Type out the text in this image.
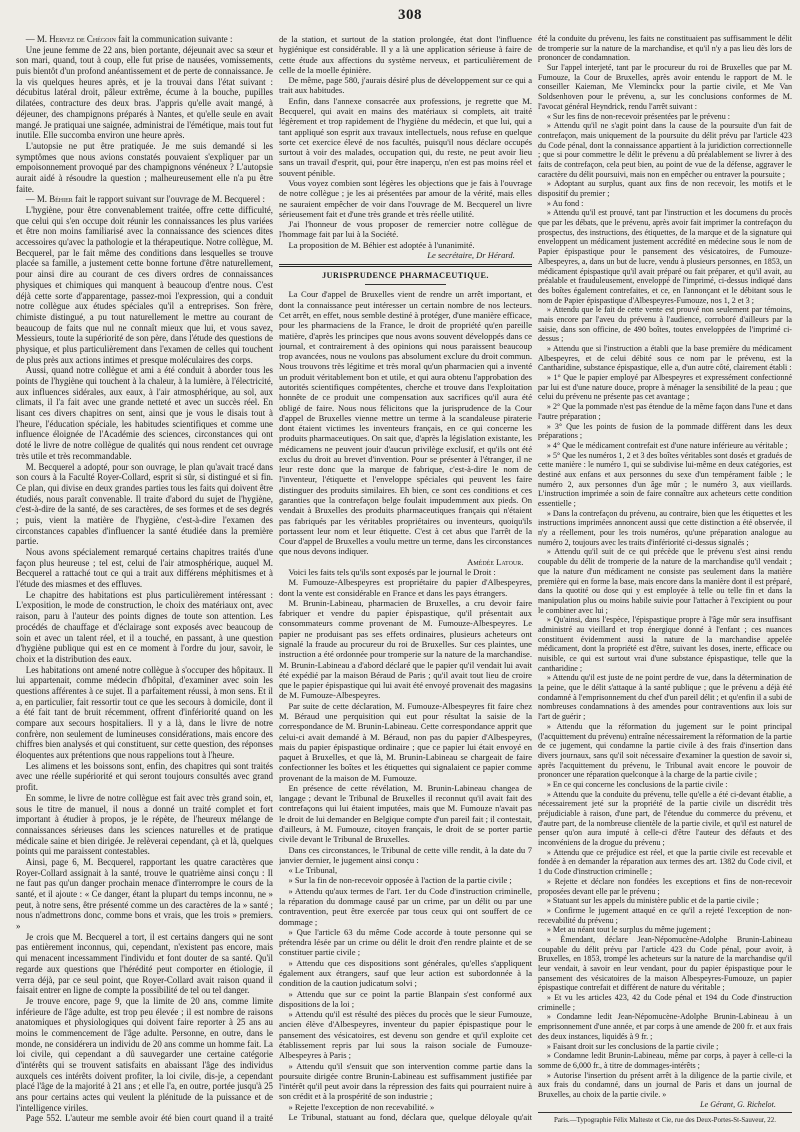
308
— M. Hervez de Chégoin fait la communication suivante :
Une jeune femme de 22 ans, bien portante, déjeunait avec sa sœur et son mari, quand, tout à coup, elle fut prise de nausées, vomissements, puis bientôt d'un profond anéantissement et de perte de connaissance. Je la vis quelques heures après, et je la trouvai dans l'état suivant : décubitus latéral droit, pâleur extrême, écume à la bouche, pupilles dilatées, contracture des deux bras. J'appris qu'elle avait mangé, à déjeuner, des champignons préparés à Nantes, et qu'elle seule en avait mangé. Je pratiquai une saignée, administrai de l'émétique, mais tout fut inutile. Elle succomba environ une heure après.
L'autopsie ne put être pratiquée. Je me suis demandé si les symptômes que nous avions constatés pouvaient s'expliquer par un empoisonnement provoqué par des champignons vénéneux ? L'autopsie aurait aidé à résoudre la question ; malheureusement elle n'a pu être faite.
— M. Béhier fait le rapport suivant sur l'ouvrage de M. Becquerel :
L'hygiène, pour être convenablement traitée, offre cette difficulté, que celui qui s'en occupe doit réunir les connaissances les plus variées et être non moins familiarisé avec la connaissance des sciences dites accessoires qu'avec la pathologie et la thérapeutique. Notre collègue, M. Becquerel, par le fait même des conditions dans lesquelles se trouve placée sa famille, a justement cette bonne fortune d'être naturellement, pour ainsi dire au courant de ces divers ordres de connaissances physiques et chimiques qui manquent à beaucoup d'entre nous. C'est déjà cette sorte d'apparentage, passez-moi l'expression, qui a conduit notre collègue aux études spéciales qu'il a entreprises. Son frère, chimiste distingué, a pu tout naturellement le mettre au courant de beaucoup de faits que nul ne connaît mieux que lui, et vous savez, Messieurs, toute la supériorité de son père, dans l'étude des questions de physique, et plus particulièrement dans l'examen de celles qui touchent de plus près aux actions intimes et presque moléculaires des corps.
Aussi, quand notre collègue et ami a été conduit à aborder tous les points de l'hygiène qui touchent à la chaleur, à la lumière, à l'électricité, aux influences sidérales, aux eaux, à l'air atmosphérique, au sol, aux climats, il l'a fait avec une grande netteté et avec un succès réel. En lisant ces divers chapitres on sent, ainsi que je vous le disais tout à l'heure, l'éducation spéciale, les habitudes scientifiques et comme une influence éloignée de l'Académie des sciences, circonstances qui ont doté le livre de notre collègue de qualités qui nous rendent cet ouvrage très utile et très recommandable.
M. Becquerel a adopté, pour son ouvrage, le plan qu'avait tracé dans son cours à la Faculté Royer-Collard, esprit si sûr, si distingué et si fin. Ce plan, qui divise en deux grandes parties tous les faits qui doivent être étudiés, nous paraît convenable. Il traite d'abord du sujet de l'hygiène, c'est-à-dire de la santé, de ses caractères, de ses formes et de ses degrés ; puis, vient la matière de l'hygiène, c'est-à-dire l'examen des circonstances capables d'influencer la santé étudiée dans la première partie.
Nous avons spécialement remarqué certains chapitres traités d'une façon plus heureuse ; tel est, celui de l'air atmosphérique, auquel M. Becquerel a rattaché tout ce qui a trait aux différens méphitismes et à l'étude des miasmes et des effluves.
Le chapitre des habitations est plus particulièrement intéressant : L'exposition, le mode de construction, le choix des matériaux ont, avec raison, paru à l'auteur des points dignes de toute son attention. Les procédés de chauffage et d'éclairage sont exposés avec beaucoup de soin et avec un talent réel, et il a touché, en passant, à une question d'hygiène publique qui est en ce moment à l'ordre du jour, savoir, le choix et la distribution des eaux.
Les habitations ont amené notre collègue à s'occuper des hôpitaux. Il lui appartenait, comme médecin d'hôpital, d'examiner avec soin les questions afférentes à ce sujet. Il a parfaitement réussi, à mon sens. Et il a, en particulier, fait ressortir tout ce que les secours à domicile, dont il a été fait tant de bruit récemment, offrent d'infériorité quand on les compare aux secours hospitaliers. Il y a là, dans le livre de notre confrère, non seulement de lumineuses considérations, mais encore des chiffres bien analysés et qui constituent, sur cette question, des réponses éloquentes aux prétentions que nous rappelions tout à l'heure.
Les alimens et les boissons sont, enfin, des chapitres qui sont traités avec une réelle supériorité et qui seront toujours consultés avec grand profit.
En somme, le livre de notre collègue est fait avec très grand soin, et, sous le titre de manuel, il nous a donné un traité complet et fort important à étudier à propos, je le répète, de l'heureux mélange de connaissances sérieuses dans les sciences naturelles et de pratique médicale saine et bien dirigée. Je relèverai cependant, çà et là, quelques points qui me paraissent contestables.
Ainsi, page 6, M. Becquerel, rapportant les quatre caractères que Royer-Collard assignait à la santé, trouve le quatrième ainsi conçu : Il ne faut pas qu'un danger prochain menace d'interrompre le cours de la santé, et il ajoute : « Ce danger, étant la plupart du temps inconnu, ne » peut, à notre sens, être présenté comme un des caractères de la » santé ; nous n'admettrons donc, comme bons et vrais, que les trois » premiers. »
Je crois que M. Becquerel a tort, il est certains dangers qui ne sont pas entièrement inconnus, qui, cependant, n'existent pas encore, mais qui menacent incessamment l'individu et font douter de sa santé. Qu'il regarde aux questions que l'hérédité peut comporter en étiologie, il verra déjà, par ce seul point, que Royer-Collard avait raison quand il faisait entrer en ligne de compte la possibilité de tel ou tel danger.
Je trouve encore, page 9, que la limite de 20 ans, comme limite inférieure de l'âge adulte, est trop peu élevée ; il est nombre de raisons anatomiques et physiologiques qui doivent faire reporter à 25 ans au moins le commencement de l'âge adulte. Personne, en outre, dans le monde, ne considérera un individu de 20 ans comme un homme fait. La loi civile, qui cependant a dû sauvegarder une certaine catégorie d'intérêts qui se trouvent satisfaits en abaissant l'âge des individus auxquels ces intérêts doivent profiter, la loi civile, dis-je, a cependant placé l'âge de la majorité à 21 ans ; et elle l'a, en outre, portée jusqu'à 25 ans pour certains actes qui veulent la plénitude de la puissance et de l'intelligence viriles.
Page 552. L'auteur me semble avoir été bien court quand il a traité
de la station, et surtout de la station prolongée, état dont l'influence hygiénique est considérable. Il y a là une application sérieuse à faire de cette étude aux affections du système nerveux, et particulièrement de celle de la moelle épinière.
De même, page 580, j'aurais désiré plus de développement sur ce qui a trait aux habitudes.
Enfin, dans l'annexe consacrée aux professions, je regrette que M. Becquerel, qui avait en mains des matériaux si complets, ait traité légèrement et trop rapidement de l'hygiène du médecin, et que lui, qui a tant appliqué son esprit aux travaux intellectuels, nous refuse en quelque sorte cet exercice élevé de nos facultés, puisqu'il nous déclare occupés surtout à voir des malades, occupation qui, du reste, ne peut avoir lieu sans un travail d'esprit, qui, pour être inaperçu, n'en est pas moins réel et souvent pénible.
Vous voyez combien sont légères les objections que je fais à l'ouvrage de notre collègue ; je les ai présentées par amour de la vérité, mais elles ne sauraient empêcher de voir dans l'ouvrage de M. Becquerel un livre sérieusement fait et d'une très grande et très réelle utilité.
J'ai l'honneur de vous proposer de remercier notre collègue de l'hommage fait par lui à la Société.
La proposition de M. Béhier est adoptée à l'unanimité.
Le secrétaire, Dr Hérard.
JURISPRUDENCE PHARMACEUTIQUE.
La Cour d'appel de Bruxelles vient de rendre un arrêt important, et dont la connaissance peut intéresser un certain nombre de nos lecteurs. Cet arrêt, en effet, nous semble destiné à protéger, d'une manière efficace, pour les pharmaciens de la France, le droit de propriété qu'en pareille matière, d'après les principes que nous avons souvent développés dans ce journal, et contrairement à des opinions qui nous paraissent beaucoup trop avancées, nous ne voulons pas absolument exclure du droit commun. Nous trouvons très légitime et très moral qu'un pharmacien qui a inventé un produit véritablement bon et utile, et qui aura obtenu l'approbation des autorités scientifiques compétentes, cherche et trouve dans l'exploitation honnête de ce produit une compensation aux sacrifices qu'il aura été obligé de faire. Nous nous félicitons que la jurisprudence de la Cour d'appel de Bruxelles vienne mettre un terme à la scandaleuse piraterie dont étaient victimes les inventeurs français, en ce qui concerne les produits pharmaceutiques. On sait que, d'après la législation existante, les médicamens ne peuvent jouir d'aucun privilège exclusif, et qu'ils ont été exclus du droit au brevet d'invention. Pour se présenter à l'étranger, il ne leur reste donc que la marque de fabrique, c'est-à-dire le nom de l'inventeur, l'étiquette et l'enveloppe spéciales qui peuvent les faire distinguer des produits similaires. Eh bien, ce sont ces conditions et ces garanties que la contrefaçon belge foulait impudemment aux pieds. On vendait à Bruxelles des produits pharmaceutiques français qui n'étaient pas fabriqués par les véritables propriétaires ou inventeurs, quoiqu'ils portassent leur nom et leur étiquette. C'est à cet abus que l'arrêt de la Cour d'appel de Bruxelles a voulu mettre un terme, dans les circonstances que nous devons indiquer.
Amédée Latour.
Voici les faits tels qu'ils sont exposés par le journal le Droit :
M. Fumouze-Albespeyres est propriétaire du papier d'Albespeyres, dont la vente est considérable en France et dans les pays étrangers.
M. Brunin-Labineau, pharmacien de Bruxelles, a cru devoir faire fabriquer et vendre du papier épispastique, qu'il présentait aux consommateurs comme provenant de M. Fumouze-Albespeyres. Le papier ne produisant pas ses effets ordinaires, plusieurs acheteurs ont signalé la fraude au procureur du roi de Bruxelles. Sur ces plaintes, une instruction a été ordonnée pour tromperie sur la nature de la marchandise. M. Brunin-Labineau a d'abord déclaré que le papier qu'il vendait lui avait été expédié par la maison Béraud de Paris ; qu'il avait tout lieu de croire que le papier épispastique qui lui avait été envoyé provenait des magasins de M. Fumouze-Albespeyres.
Par suite de cette déclaration, M. Fumouze-Albespeyres fit faire chez M. Béraud une perquisition qui eut pour résultat la saisie de la correspondance de M. Brunin-Labineau. Cette correspondance apprit que celui-ci avait demandé à M. Béraud, non pas du papier d'Albespeyres, mais du papier épispastique ordinaire ; que ce papier lui était envoyé en paquet à Bruxelles, et que là, M. Brunin-Labineau se chargeait de faire confectionner les boîtes et les étiquettes qui signalaient ce papier comme provenant de la maison de M. Fumouze.
En présence de cette révélation, M. Brunin-Labineau changea de langage ; devant le Tribunal de Bruxelles il reconnut qu'il avait fait des contrefaçons qui lui étaient imputées, mais que M. Fumouze n'avait pas le droit de lui demander en Belgique compte d'un pareil fait ; il contestait, d'ailleurs, à M. Fumouze, citoyen français, le droit de se porter partie civile devant le Tribunal de Bruxelles.
Dans ces circonstances, le Tribunal de cette ville rendit, à la date du 7 janvier dernier, le jugement ainsi conçu :
« Le Tribunal,
» Sur la fin de non-recevoir opposée à l'action de la partie civile ;
» Attendu qu'aux termes de l'art. 1er du Code d'instruction criminelle, la réparation du dommage causé par un crime, par un délit ou par une contravention, peut être exercée par tous ceux qui ont souffert de ce dommage ;
» Que l'article 63 du même Code accorde à toute personne qui se prétendra lésée par un crime ou délit le droit d'en rendre plainte et de se constituer partie civile ;
» Attendu que ces dispositions sont générales, qu'elles s'appliquent également aux étrangers, sauf que leur action est subordonnée à la condition de la caution judicatum solvi ;
» Attendu que sur ce point la partie Blanpain s'est conformé aux dispositions de la loi ;
» Attendu qu'il est résulté des pièces du procès que le sieur Fumouze, ancien élève d'Albespeyres, inventeur du papier épispastique pour le pansement des vésicatoires, est devenu son gendre et qu'il exploite cet établissement repris par lui sous la raison sociale de Fumouze-Albespeyres à Paris ;
» Attendu qu'il s'ensuit que son intervention comme partie dans la poursuite dirigée contre Brunin-Labineau est suffisamment justifiée par l'intérêt qu'il peut avoir dans la répression des faits qui pourraient nuire à son crédit et à la prospérité de son industrie ;
» Rejette l'exception de non recevabilité. »
Le Tribunal, statuant au fond, déclara que, quelque déloyale qu'ait
été la conduite du prévenu, les faits ne constituaient pas suffisamment le délit de tromperie sur la nature de la marchandise, et qu'il n'y a pas lieu dès lors de prononcer de condamnation.
Sur l'appel interjeté, tant par le procureur du roi de Bruxelles que par M. Fumouze, la Cour de Bruxelles, après avoir entendu le rapport de M. le conseiller Kaieman, Me Vleminckx pour la partie civile, et Me Van Soldsenhoven pour le prévenu, a, sur les conclusions conformes de M. l'avocat général Heyndrick, rendu l'arrêt suivant :
« Sur les fins de non-recevoir présentées par le prévenu :
» Attendu qu'il ne s'agit point dans la cause de la poursuite d'un fait de contrefaçon, mais uniquement de la poursuite du délit prévu par l'article 423 du Code pénal, dont la connaissance appartient à la juridiction correctionnelle ; que si pour commettre le délit le prévenu a dû préalablement se livrer à des faits de contrefaçon, cela peut bien, au point de vue de la défense, aggraver le caractère du délit poursuivi, mais non en empêcher ou entraver la poursuite ;
» Adoptant au surplus, quant aux fins de non recevoir, les motifs et le dispositif du premier ;
» Au fond :
» Attendu qu'il est prouvé, tant par l'instruction et les documens du procès que par les débats, que le prévenu, après avoir fait imprimer la contrefaçon du prospectus, des instructions, des étiquettes, de la marque et de la signature qui enveloppent un médicament justement accrédité en médecine sous le nom de Papier épispastique pour le pansement des vésicatoires, de Fumouze-Albespeyres, a, dans un but de lucre, vendu à plusieurs personnes, en 1853, un médicament épispastique qu'il avait préparé ou fait préparer, et qu'il avait, au préalable et frauduleusement, enveloppé de l'imprimé, ci-dessus indiqué dans des boîtes également contrefaites, et ce, en l'annonçant et le débitant sous le nom de Papier épispastique d'Albespeyres-Fumouze, nos 1, 2 et 3 ;
» Attendu que le fait de cette vente est prouvé non seulement par témoins, mais encore par l'aveu du prévenu à l'audience, corroboré d'ailleurs par la saisie, dans son officine, de 490 boîtes, toutes enveloppées de l'imprimé ci-dessus ;
» Attendu que si l'instruction a établi que la base première du médicament Albespeyres, et de celui débité sous ce nom par le prévenu, est la Cantharidine, substance épispastique, elle a, d'un autre côté, clairement établi :
» 1° Que le papier employé par Albespeyres et expressément confectionné par lui est d'une nature douce, propre à ménager la sensibilité de la peau ; que celui du prévenu ne présente pas cet avantage ;
» 2° Que la pommade n'est pas étendue de la même façon dans l'une et dans l'autre préparation ;
» 3° Que les points de fusion de la pommade diffèrent dans les deux préparations ;
» 4° Que le médicament contrefait est d'une nature inférieure au véritable ;
» 5° Que les numéros 1, 2 et 3 des boîtes véritables sont dosés et gradués de cette manière : le numéro 1, qui se subdivise lui-même en deux catégories, est destiné aux enfans et aux personnes du sexe d'un tempérament faible ; le numéro 2, aux personnes d'un âge mûr ; le numéro 3, aux vieillards. L'instruction imprimée a soin de faire connaître aux acheteurs cette condition essentielle ;
» Dans la contrefaçon du prévenu, au contraire, bien que les étiquettes et les instructions imprimées annoncent aussi que cette distinction a été observée, il n'y a réellement, pour les trois numéros, qu'une préparation analogue au numéro 2, toujours avec les traits d'infériorité ci-dessus signalés ;
» Attendu qu'il suit de ce qui précède que le prévenu s'est ainsi rendu coupable du délit de tromperie de la nature de la marchandise qu'il vendait ; que la nature d'un médicament ne consiste pas seulement dans la matière première qui en forme la base, mais encore dans la manière dont il est préparé, dans la quotité ou dose qui y est employée à telle ou telle fin et dans la manipulation plus ou moins habile suivie pour l'attacher à l'excipient ou pour le combiner avec lui ;
» Qu'ainsi, dans l'espèce, l'épispastique propre à l'âge mûr sera insuffisant administré au vieillard et trop énergique donné à l'enfant ; ces nuances constituent évidemment aussi la nature de la marchandise appelée médicament, dont la propriété est d'être, suivant les doses, inerte, efficace ou nuisible, ce qui est surtout vrai d'une substance épispastique, telle que la cantharidine ;
» Attendu qu'il est juste de ne point perdre de vue, dans la détermination de la peine, que le délit s'attaque à la santé publique ; que le prévenu a déjà été condamné à l'emprisonnement du chef d'un pareil délit ; et qu'enfin il a subi de nombreuses condamnations à des amendes pour contraventions aux lois sur l'art de guérir ;
» Attendu que la réformation du jugement sur le point principal (l'acquittement du prévenu) entraîne nécessairement la réformation de la partie de ce jugement, qui condamne la partie civile à des frais d'insertion dans divers journaux, sans qu'il soit nécessaire d'examiner la question de savoir si, après l'acquittement du prévenu, le Tribunal avait encore le pouvoir de prononcer une réparation quelconque à la charge de la partie civile ;
» En ce qui concerne les conclusions de la partie civile :
» Attendu que la conduite du prévenu, telle qu'elle a été ci-devant établie, a nécessairement jeté sur la propriété de la partie civile un discrédit très préjudiciable à raison, d'une part, de l'étendue du commerce du prévenu, et d'autre part, de la nombreuse clientèle de la partie civile, et qu'il est naturel de penser qu'on aura imputé à celle-ci d'être l'auteur des défauts et des inconvéniens de la drogue du prévenu ;
» Attendu que ce préjudice est réel, et que la partie civile est recevable et fondée à en demander la réparation aux termes des art. 1382 du Code civil, et 1 du Code d'instruction criminelle ;
» Rejette et déclare non fondées les exceptions et fins de non-recevoir proposées devant elle par le prévenu ;
» Statuant sur les appels du ministère public et de la partie civile ;
» Confirme le jugement attaqué en ce qu'il a rejeté l'exception de non-recevabilité du prévenu ;
» Met au néant tout le surplus du même jugement ;
» Émendant, déclare Jean-Népomucène-Adolphe Brunin-Labineau coupable du délit prévu par l'article 423 du Code pénal, pour avoir, à Bruxelles, en 1853, trompé les acheteurs sur la nature de la marchandise qu'il leur vendait, à savoir en leur vendant, pour du papier épispastique pour le pansement des vésicatoires de la maison Albespeyres-Fumouze, un papier épispastique contrefait et différent de nature du véritable ;
» Et vu les articles 423, 42 du Code pénal et 194 du Code d'instruction criminelle ;
» Condamne ledit Jean-Népomucène-Adolphe Brunin-Labineau à un emprisonnement d'une année, et par corps à une amende de 200 fr. et aux frais des deux instances, liquidés à 9 fr. ;
» Faisant droit sur les conclusions de la partie civile ;
» Condamne ledit Brunin-Labineau, même par corps, à payer à celle-ci la somme de 6,000 fr., à titre de dommages-intérêts ;
» Autorise l'insertion du présent arrêt à la diligence de la partie civile, et aux frais du condamné, dans un journal de Paris et dans un journal de Bruxelles, au choix de la partie civile. »
Le Gérant, G. Richelot.
Paris.—Typographie Félix Malteste et Cie, rue des Deux-Portes-St-Sauveur, 22.
